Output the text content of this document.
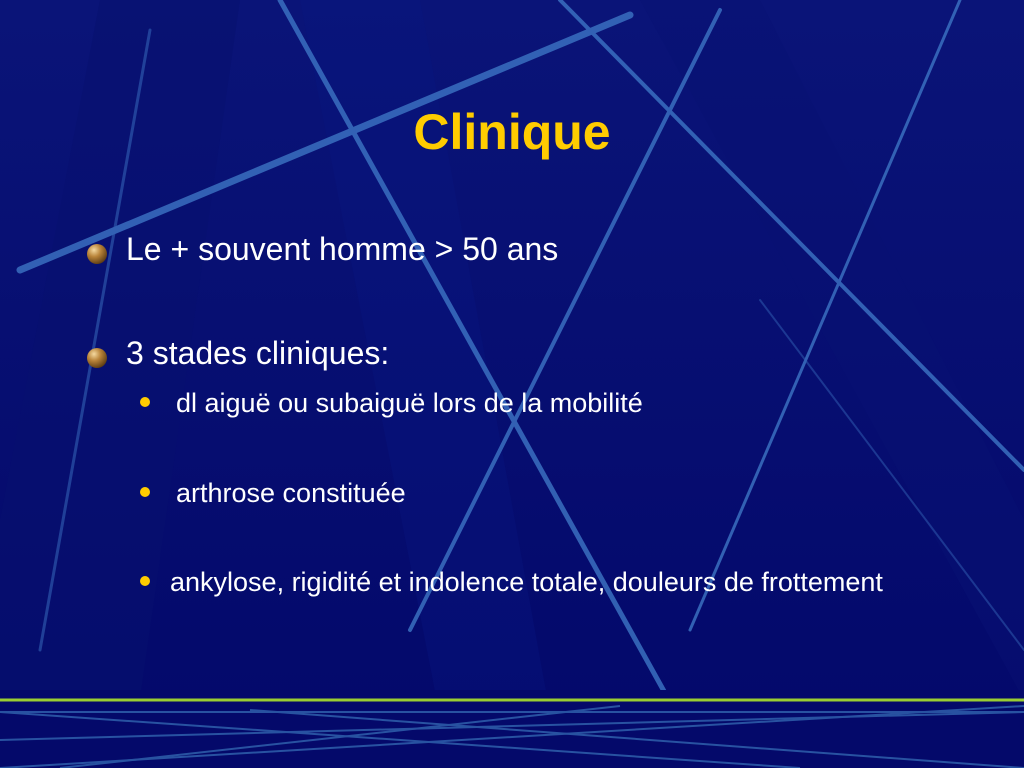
Clinique
Le + souvent homme > 50 ans
3 stades cliniques:
dl aiguë ou subaiguë lors de la mobilité
arthrose constituée
ankylose, rigidité et indolence totale, douleurs de frottement
